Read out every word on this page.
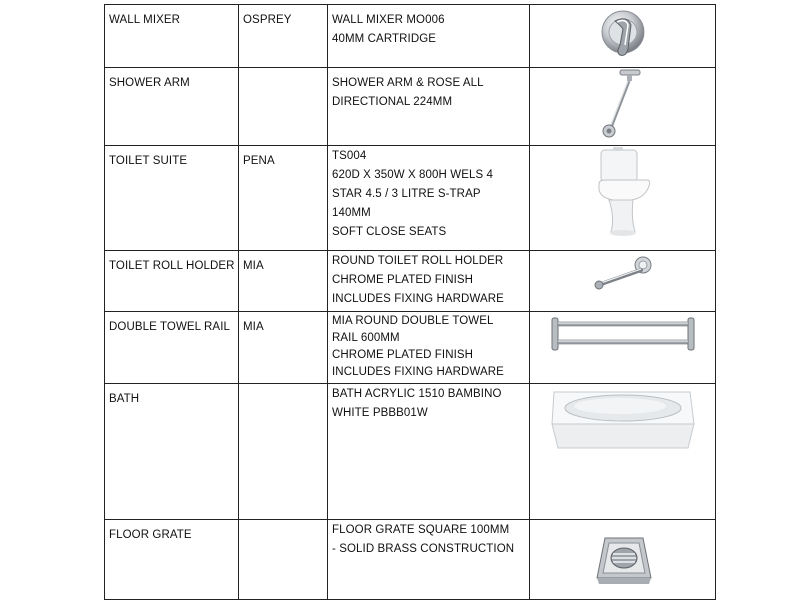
WALL MIXER	OSPREY	WALL MIXER MO006
40MM CARTRIDGE

SHOWER ARM		SHOWER ARM & ROSE ALL
DIRECTIONAL 224MM

TOILET SUITE	PENA	TS004
620D X 350W X 800H WELS 4
STAR 4.5 / 3 LITRE S-TRAP
140MM
SOFT CLOSE SEATS

TOILET ROLL HOLDER	MIA	ROUND TOILET ROLL HOLDER
CHROME PLATED FINISH
INCLUDES FIXING HARDWARE

DOUBLE TOWEL RAIL	MIA	MIA ROUND DOUBLE TOWEL
RAIL 600MM
CHROME PLATED FINISH
INCLUDES FIXING HARDWARE

BATH		BATH ACRYLIC 1510 BAMBINO
WHITE PBBB01W

FLOOR GRATE		FLOOR GRATE SQUARE 100MM
- SOLID BRASS CONSTRUCTION
